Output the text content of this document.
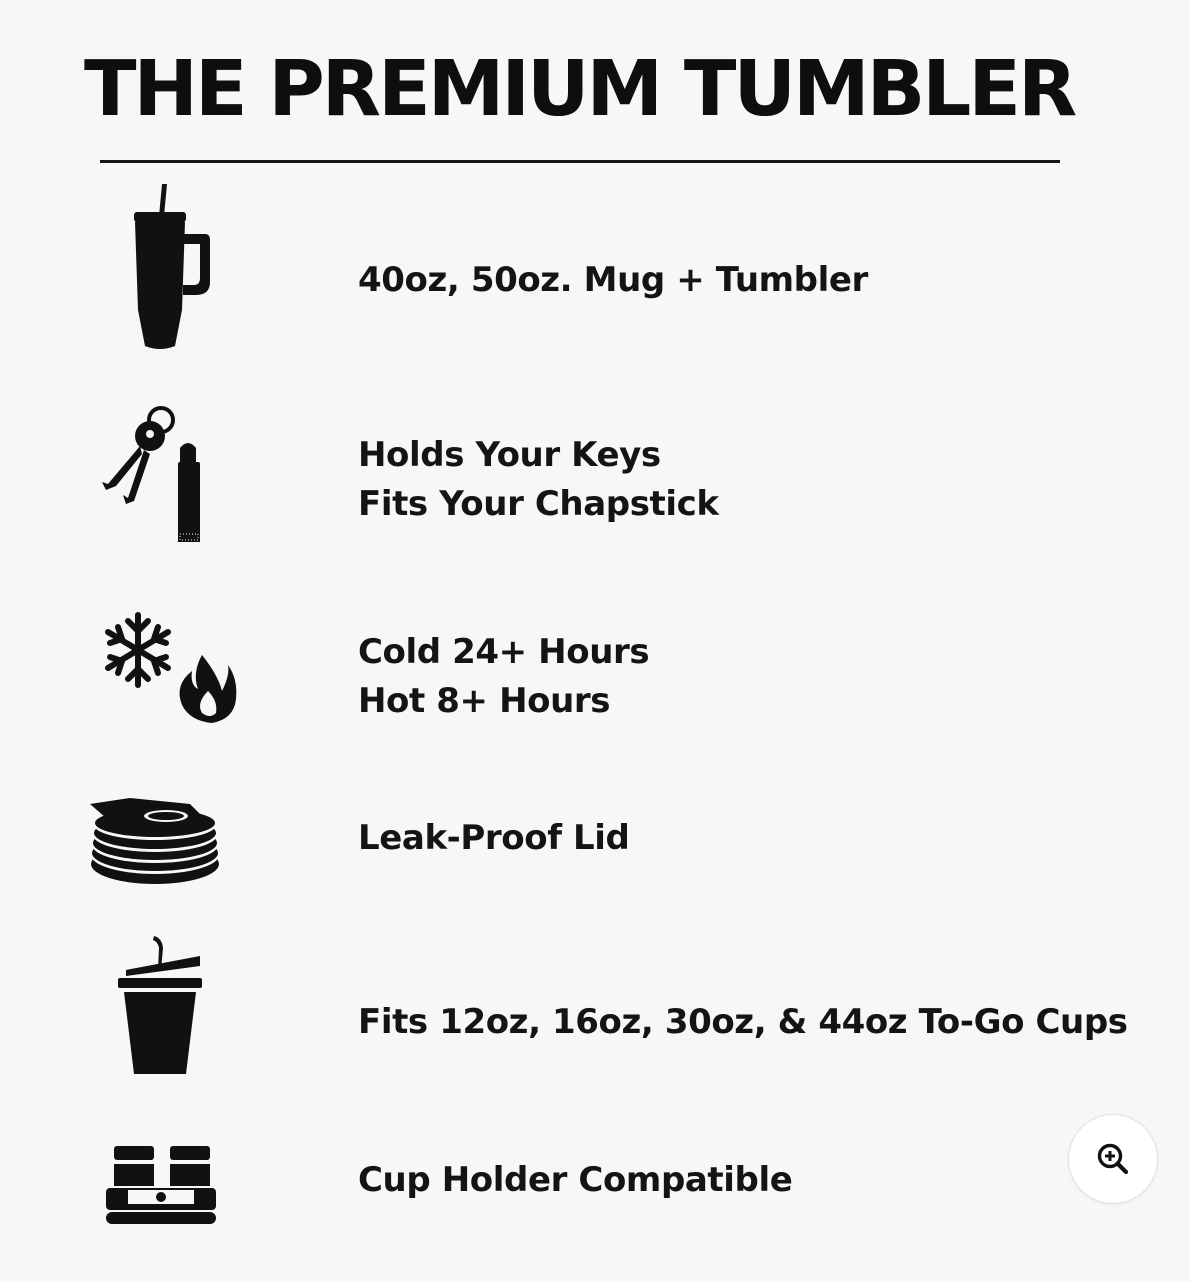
THE PREMIUM TUMBLER
40oz, 50oz. Mug + Tumbler
Holds Your Keys
Fits Your Chapstick
Cold 24+ Hours
Hot 8+ Hours
Leak-Proof Lid
Fits 12oz, 16oz, 30oz, & 44oz To-Go Cups
Cup Holder Compatible
